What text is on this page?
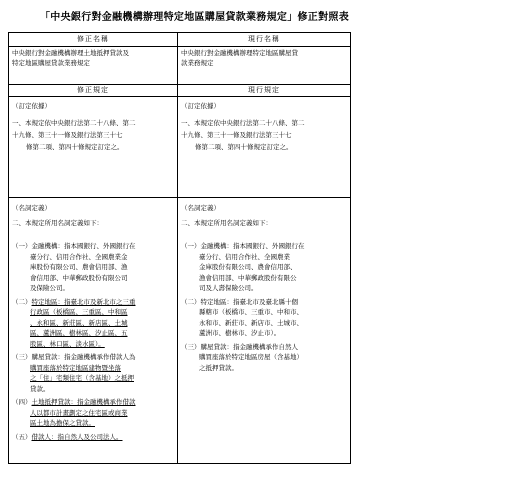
「中央銀行對金融機構辦理特定地區購屋貸款業務規定」修正對照表
修正名稱
中央銀行對金融機構辦理土地抵押貸款及
特定地區購屋貸款業務規定
修正規定
（訂定依據）
一、本規定依中央銀行法第二十八條、第二
十九條、第三十一條及銀行法第三十七
條第二項、第四十條規定訂定之。
（名詞定義）
二、本規定所用名詞定義如下：
（一）金融機構：指本國銀行、外國銀行在
臺分行、信用合作社、全國農業金
庫股份有限公司、農會信用部、漁
會信用部、中華郵政股份有限公司
及保險公司。
（二）特定地區：指臺北市及新北市之三重
行政區（板橋區、三重區、中和區
、永和區、新莊區、新店區、土城
區、蘆洲區、樹林區、汐止區、五
股區、林口區、淡水區）。
（三）購屋貸款：指金融機構承作借款人為
購買座落於特定地區建物暨坐落
之「住」宅類住宅（含基地）之抵押
貸款。
（四）土地抵押貸款：指金融機構承作借款
人以都市計畫劃定之住宅區或商業
區土地為擔保之貸款。
（五）借款人：指自然人及公司法人。
現行名稱
中央銀行對金融機構辦理特定地區購屋貸
款業務規定
現行規定
（訂定依據）
一、本規定依中央銀行法第二十八條、第二
十九條、第三十一條及銀行法第三十七
條第二項、第四十條規定訂定之。
（名詞定義）
二、本規定所用名詞定義如下：
（一）金融機構：指本國銀行、外國銀行在
臺分行、信用合作社、全國農業
金庫股份有限公司、農會信用部、
漁會信用部、中華郵政股份有限公
司及人壽保險公司。
（二）特定地區：指臺北市及臺北縣十個
縣轄市（板橋市、三重市、中和市、
永和市、新莊市、新店市、土城市、
蘆洲市、樹林市、汐止市）。
（三）購屋貸款：指金融機構承作自然人
購買座落於特定地區房屋（含基地）
之抵押貸款。
